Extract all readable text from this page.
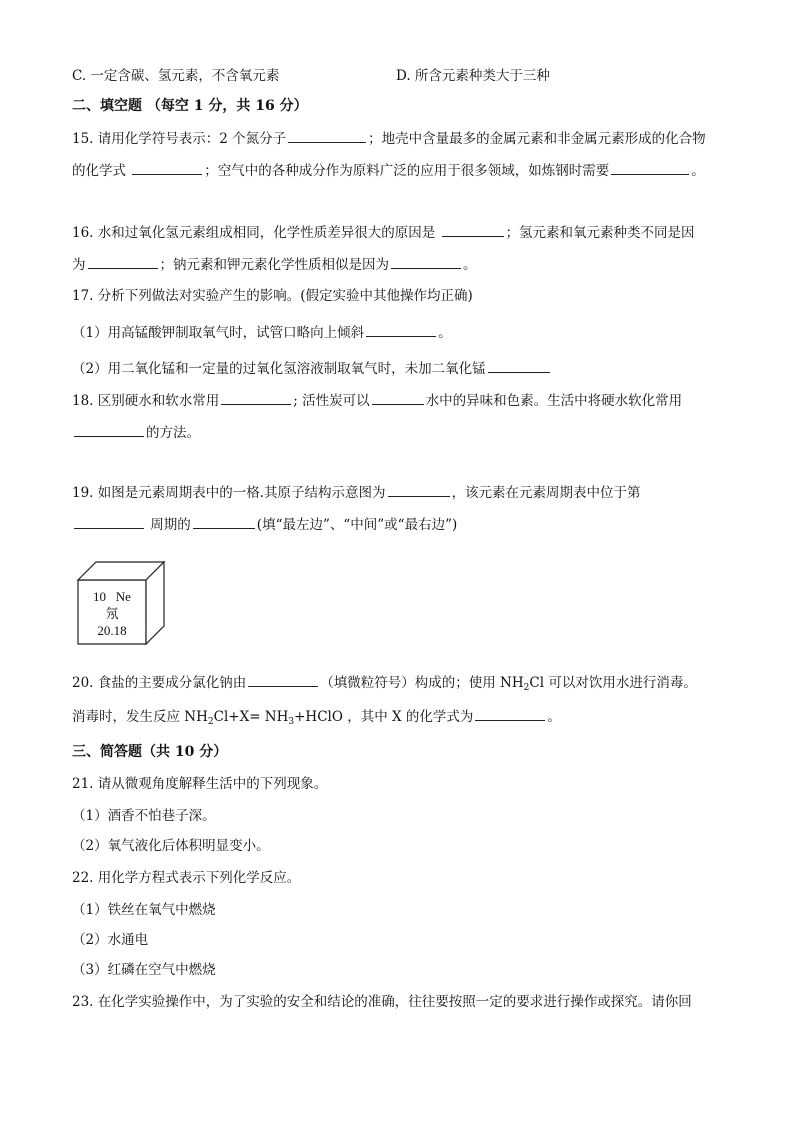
C. 一定含碳、氢元素，不含氧元素	D. 所含元素种类大于三种
二、填空题 （每空 1 分，共 16 分）
15. 请用化学符号表示：2 个氮分子	；地壳中含量最多的金属元素和非金属元素形成的化合物
的化学式	；空气中的各种成分作为原料广泛的应用于很多领域，如炼钢时需要	。
16. 水和过氧化氢元素组成相同，化学性质差异很大的原因是	；氢元素和氧元素种类不同是因
为	；钠元素和钾元素化学性质相似是因为	。
17. 分析下列做法对实验产生的影响。(假定实验中其他操作均正确)
（1）用高锰酸钾制取氧气时，试管口略向上倾斜	。
（2）用二氧化锰和一定量的过氧化氢溶液制取氧气时，未加二氧化锰
18. 区别硬水和软水常用	; 活性炭可以	水中的异味和色素。生活中将硬水软化常用
的方法。
19. 如图是元素周期表中的一格.其原子结构示意图为	，该元素在元素周期表中位于第
周期的	(填“最左边”、“中间”或“最右边”)
10 Ne
氖
20.18
20. 食盐的主要成分氯化钠由	（填微粒符号）构成的；使用 $NH_2Cl$ 可以对饮用水进行消毒。
消毒时，发生反应 $NH_2Cl+X=$ $NH_3+HClO$ ，其中 X 的化学式为	。
三、简答题（共 10 分）
21. 请从微观角度解释生活中的下列现象。
（1）酒香不怕巷子深。
（2）氧气液化后体积明显变小。
22. 用化学方程式表示下列化学反应。
（1）铁丝在氧气中燃烧
（2）水通电
（3）红磷在空气中燃烧
23. 在化学实验操作中，为了实验的安全和结论的准确，往往要按照一定的要求进行操作或探究。请你回
